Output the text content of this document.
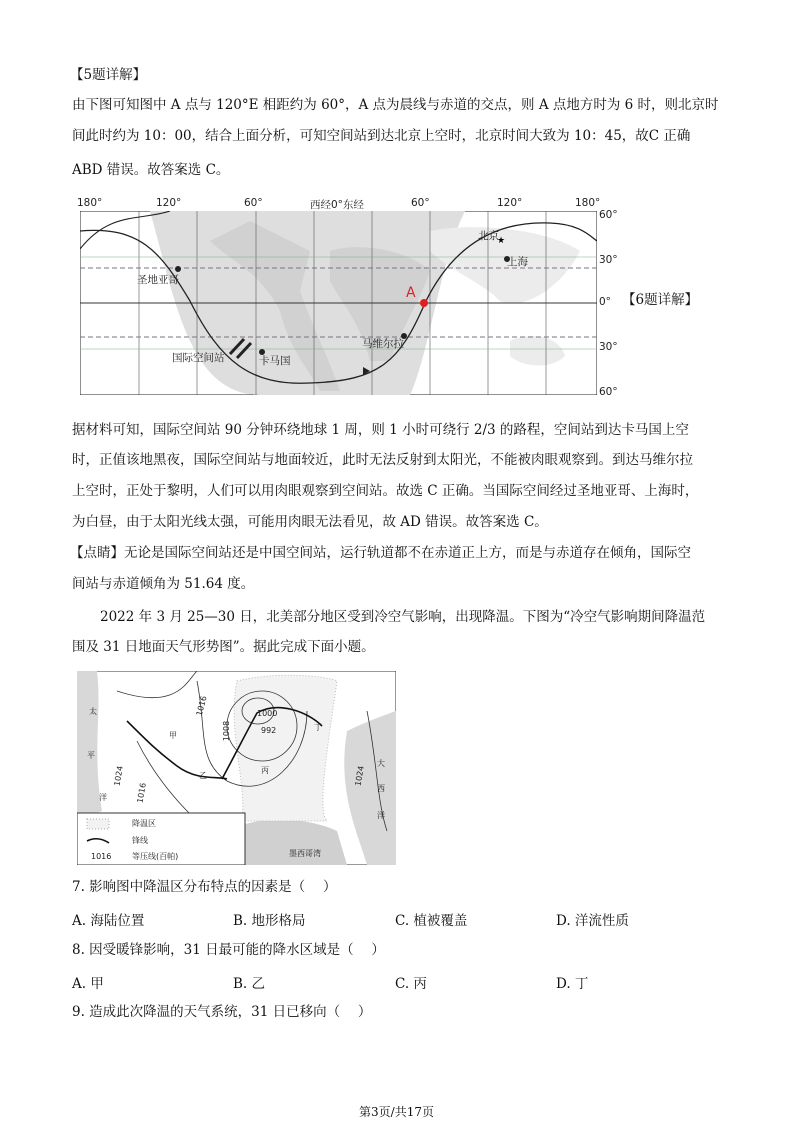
【5题详解】
由下图可知图中 A 点与 120°E 相距约为 60°，A 点为晨线与赤道的交点，则 A 点地方时为 6 时，则北京时
间此时约为 10：00，结合上面分析，可知空间站到达北京上空时，北京时间大致为 10：45，故C 正确
ABD 错误。故答案选 C。
180°	120°	60°	西经0°东经	60°	120°	180°
60°
30°
0°
30°
60°
★
圣地亚哥
国际空间站	卡马国
马维尔拉
北京
上海
A	【6题详解】
据材料可知，国际空间站 90 分钟环绕地球 1 周，则 1 小时可绕行 2/3 的路程，空间站到达卡马国上空
时，正值该地黑夜，国际空间站与地面较近，此时无法反射到太阳光，不能被肉眼观察到。到达马维尔拉
上空时，正处于黎明，人们可以用肉眼观察到空间站。故选 C 正确。当国际空间经过圣地亚哥、上海时，
为白昼，由于太阳光线太强，可能用肉眼无法看见，故 AD 错误。故答案选 C。
【点睛】无论是国际空间站还是中国空间站，运行轨道都不在赤道正上方，而是与赤道存在倾角，国际空
间站与赤道倾角为 51.64 度。
2022 年 3 月 25—30 日，北美部分地区受到冷空气影响，出现降温。下图为“冷空气影响期间降温范
围及 31 日地面天气形势图”。据此完成下面小题。
太
平
洋
大
西
洋
1016
1008
1000
992
1016
1024	1024
甲
乙
丙
丁
墨西哥湾
降温区
锋线
1016	等压线(百帕)
7. 影响图中降温区分布特点的因素是（　 ）
A. 海陆位置	B. 地形格局	C. 植被覆盖	D. 洋流性质
8. 因受暖锋影响，31 日最可能的降水区域是（　 ）
A. 甲	B. 乙	C. 丙	D. 丁
9. 造成此次降温的天气系统，31 日已移向（　 ）
第3页/共17页
